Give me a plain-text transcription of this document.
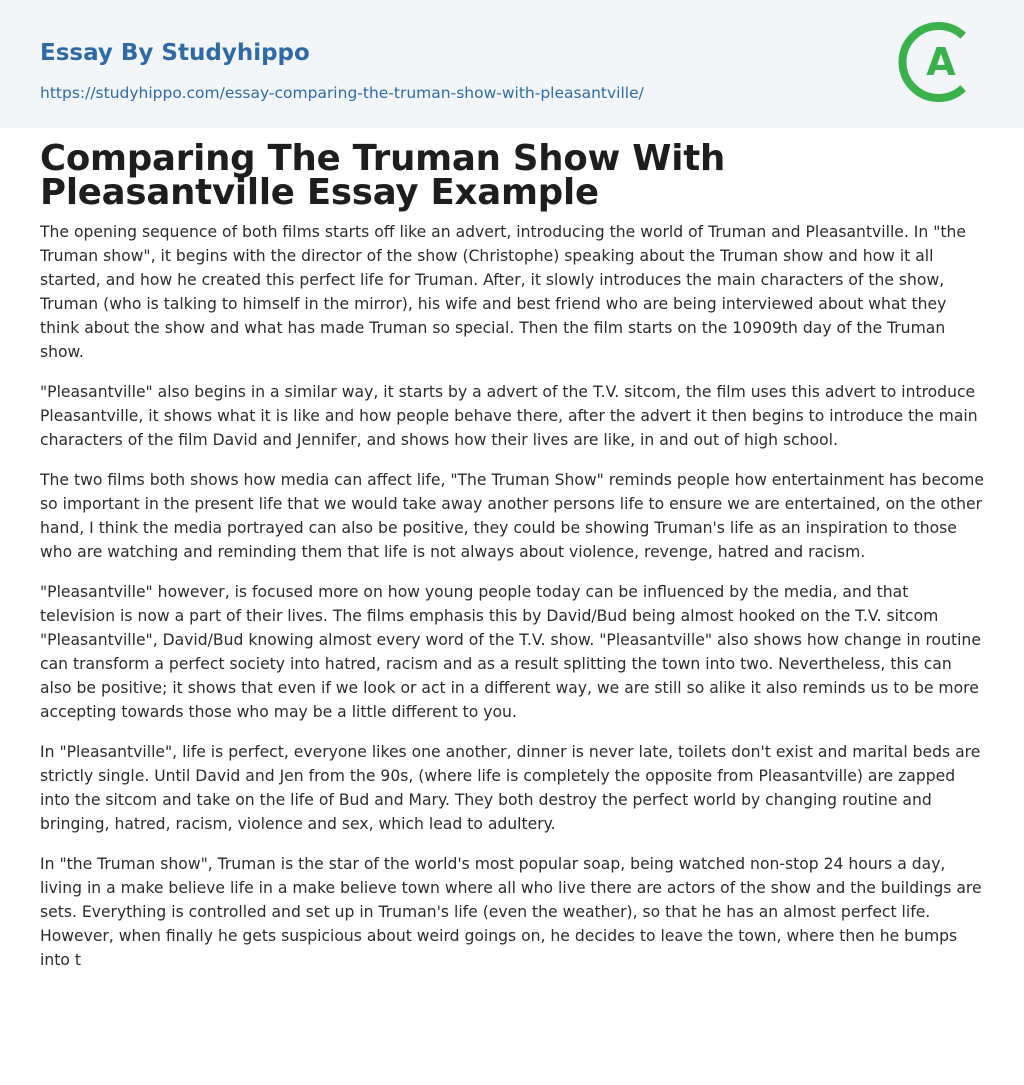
Essay By Studyhippo
https://studyhippo.com/essay-comparing-the-truman-show-with-pleasantville/
A
Comparing The Truman Show With Pleasantville Essay Example

The opening sequence of both films starts off like an advert, introducing the world of Truman and Pleasantville. In "the Truman show", it begins with the director of the show (Christophe) speaking about the Truman show and how it all started, and how he created this perfect life for Truman. After, it slowly introduces the main characters of the show, Truman (who is talking to himself in the mirror), his wife and best friend who are being interviewed about what they think about the show and what has made Truman so special. Then the film starts on the 10909th day of the Truman show.

"Pleasantville" also begins in a similar way, it starts by a advert of the T.V. sitcom, the film uses this advert to introduce Pleasantville, it shows what it is like and how people behave there, after the advert it then begins to introduce the main characters of the film David and Jennifer, and shows how their lives are like, in and out of high school.

The two films both shows how media can affect life, "The Truman Show" reminds people how entertainment has become so important in the present life that we would take away another persons life to ensure we are entertained, on the other hand, I think the media portrayed can also be positive, they could be showing Truman's life as an inspiration to those who are watching and reminding them that life is not always about violence, revenge, hatred and racism.

"Pleasantville" however, is focused more on how young people today can be influenced by the media, and that television is now a part of their lives. The films emphasis this by David/Bud being almost hooked on the T.V. sitcom "Pleasantville", David/Bud knowing almost every word of the T.V. show. "Pleasantville" also shows how change in routine can transform a perfect society into hatred, racism and as a result splitting the town into two. Nevertheless, this can also be positive; it shows that even if we look or act in a different way, we are still so alike it also reminds us to be more accepting towards those who may be a little different to you.

In "Pleasantville", life is perfect, everyone likes one another, dinner is never late, toilets don't exist and marital beds are strictly single. Until David and Jen from the 90s, (where life is completely the opposite from Pleasantville) are zapped into the sitcom and take on the life of Bud and Mary. They both destroy the perfect world by changing routine and bringing, hatred, racism, violence and sex, which lead to adultery.

In "the Truman show", Truman is the star of the world's most popular soap, being watched non-stop 24 hours a day, living in a make believe life in a make believe town where all who live there are actors of the show and the buildings are sets. Everything is controlled and set up in Truman's life (even the weather), so that he has an almost perfect life. However, when finally he gets suspicious about weird goings on, he decides to leave the town, where then he bumps into t
